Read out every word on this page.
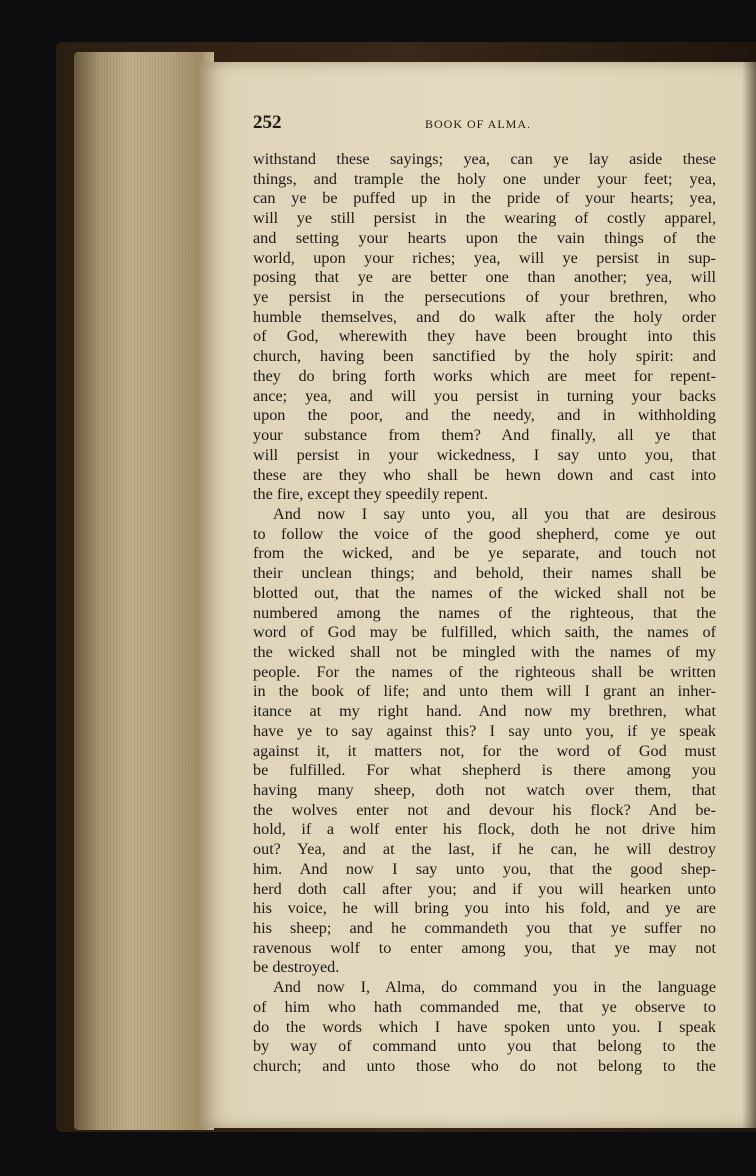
252	BOOK OF ALMA.
withstand these sayings; yea, can ye lay aside these
things, and trample the holy one under your feet; yea,
can ye be puffed up in the pride of your hearts; yea,
will ye still persist in the wearing of costly apparel,
and setting your hearts upon the vain things of the
world, upon your riches; yea, will ye persist in sup-
posing that ye are better one than another; yea, will
ye persist in the persecutions of your brethren, who
humble themselves, and do walk after the holy order
of God, wherewith they have been brought into this
church, having been sanctified by the holy spirit: and
they do bring forth works which are meet for repent-
ance; yea, and will you persist in turning your backs
upon the poor, and the needy, and in withholding
your substance from them? And finally, all ye that
will persist in your wickedness, I say unto you, that
these are they who shall be hewn down and cast into
the fire, except they speedily repent.
And now I say unto you, all you that are desirous
to follow the voice of the good shepherd, come ye out
from the wicked, and be ye separate, and touch not
their unclean things; and behold, their names shall be
blotted out, that the names of the wicked shall not be
numbered among the names of the righteous, that the
word of God may be fulfilled, which saith, the names of
the wicked shall not be mingled with the names of my
people. For the names of the righteous shall be written
in the book of life; and unto them will I grant an inher-
itance at my right hand. And now my brethren, what
have ye to say against this? I say unto you, if ye speak
against it, it matters not, for the word of God must
be fulfilled. For what shepherd is there among you
having many sheep, doth not watch over them, that
the wolves enter not and devour his flock? And be-
hold, if a wolf enter his flock, doth he not drive him
out? Yea, and at the last, if he can, he will destroy
him. And now I say unto you, that the good shep-
herd doth call after you; and if you will hearken unto
his voice, he will bring you into his fold, and ye are
his sheep; and he commandeth you that ye suffer no
ravenous wolf to enter among you, that ye may not
be destroyed.
And now I, Alma, do command you in the language
of him who hath commanded me, that ye observe to
do the words which I have spoken unto you. I speak
by way of command unto you that belong to the
church; and unto those who do not belong to the
